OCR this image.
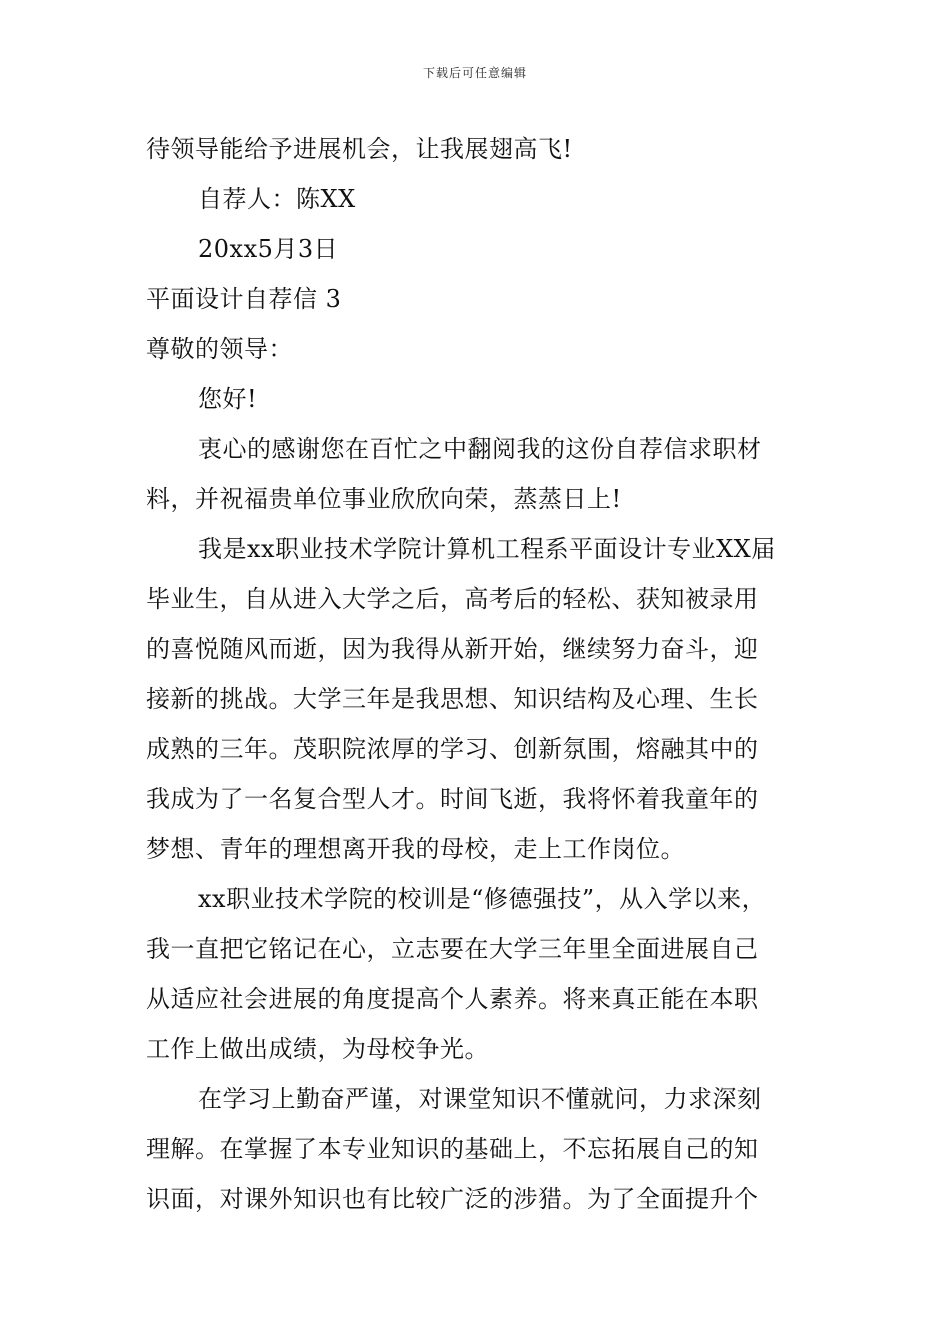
下载后可任意编辑
待领导能给予进展机会，让我展翅高飞!
自荐人：陈XX
20xx5月3日
平面设计自荐信 3
尊敬的领导：
您好!
衷心的感谢您在百忙之中翻阅我的这份自荐信求职材
料，并祝福贵单位事业欣欣向荣，蒸蒸日上!
我是xx职业技术学院计算机工程系平面设计专业XX届
毕业生，自从进入大学之后，高考后的轻松、获知被录用
的喜悦随风而逝，因为我得从新开始，继续努力奋斗，迎
接新的挑战。大学三年是我思想、知识结构及心理、生长
成熟的三年。茂职院浓厚的学习、创新氛围，熔融其中的
我成为了一名复合型人才。时间飞逝，我将怀着我童年的
梦想、青年的理想离开我的母校，走上工作岗位。
xx职业技术学院的校训是“修德强技”，从入学以来，
我一直把它铭记在心，立志要在大学三年里全面进展自己
从适应社会进展的角度提高个人素养。将来真正能在本职
工作上做出成绩，为母校争光。
在学习上勤奋严谨，对课堂知识不懂就问，力求深刻
理解。在掌握了本专业知识的基础上，不忘拓展自己的知
识面，对课外知识也有比较广泛的涉猎。为了全面提升个
